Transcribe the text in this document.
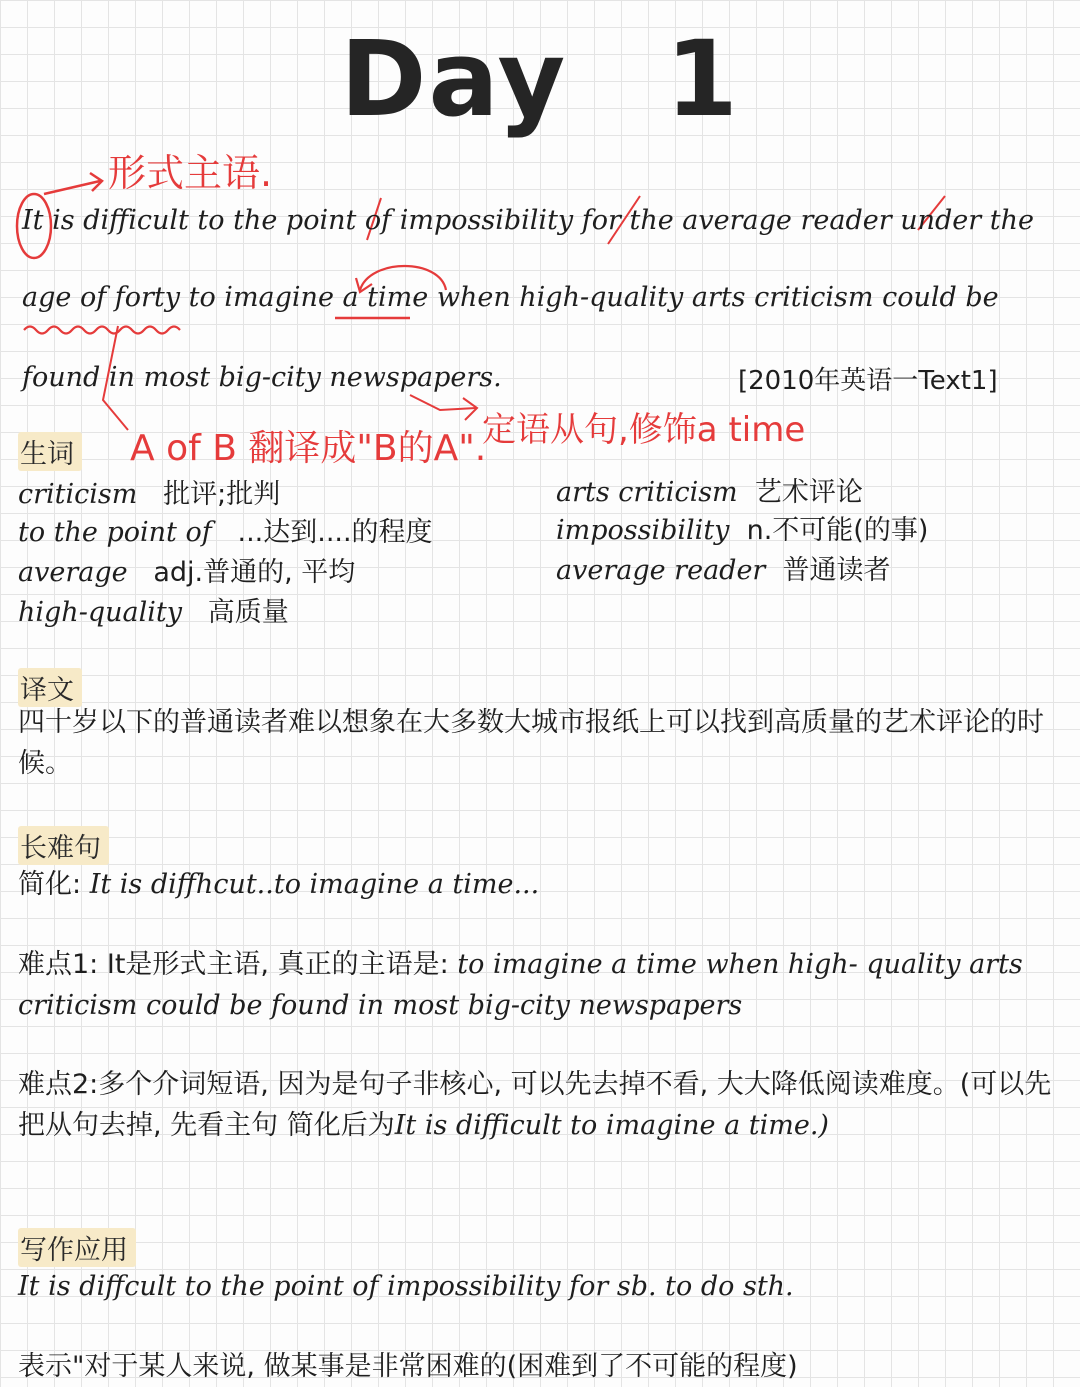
Day 1
形式主语.
It is difficult to the point of impossibility for the average reader under the
age of forty to imagine a time when high-quality arts criticism could be
found in most big-city newspapers.	[2010年英语一Text1]
A of B 翻译成"B的A".
定语从句,修饰a time
生词
criticism 批评;批判
to the point of ...达到....的程度
average adj.普通的, 平均
high-quality 高质量
arts criticism 艺术评论
impossibility n.不可能(的事)
average reader 普通读者
译文
四十岁以下的普通读者难以想象在大多数大城市报纸上可以找到高质量的艺术评论的时候。
长难句
简化: It is diffhcut..to imagine a time...
难点1: It是形式主语, 真正的主语是: to imagine a time when high- quality arts criticism could be found in most big-city newspapers
难点2:多个介词短语, 因为是句子非核心, 可以先去掉不看, 大大降低阅读难度。(可以先把从句去掉, 先看主句 简化后为It is difficult to imagine a time.)
写作应用
It is diffcult to the point of impossibility for sb. to do sth.
表示"对于某人来说, 做某事是非常困难的(困难到了不可能的程度)
